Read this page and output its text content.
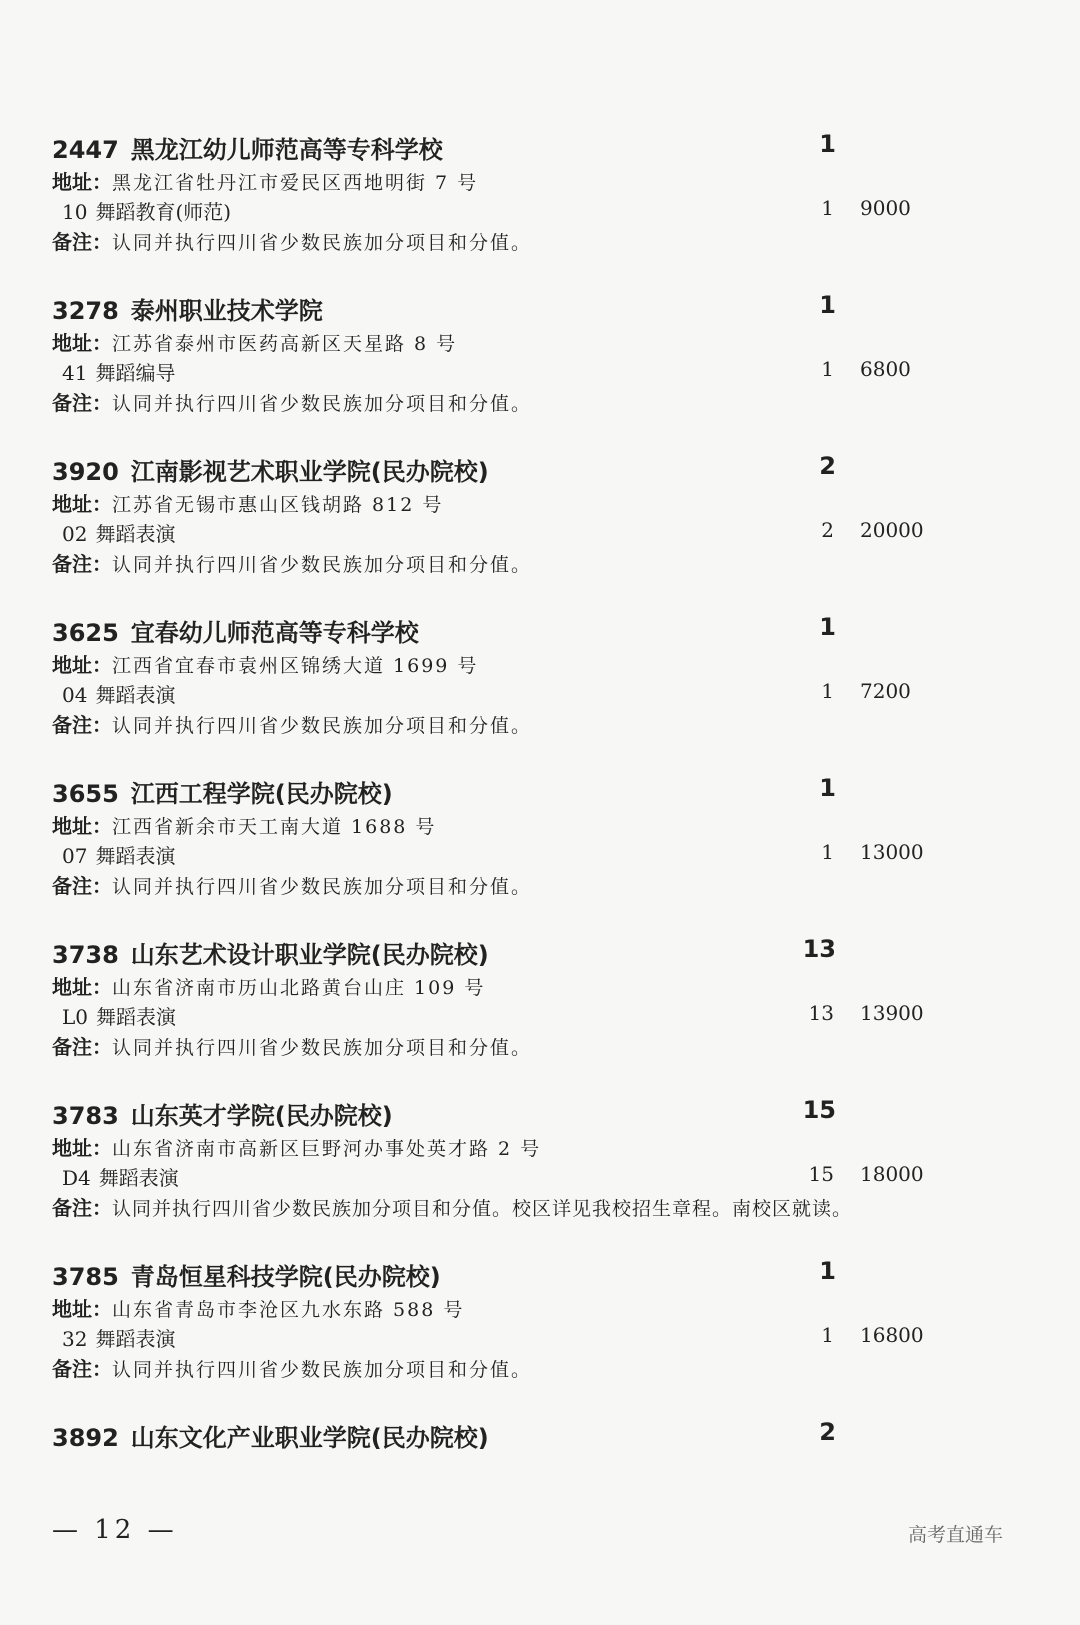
2447 黑龙江幼儿师范高等专科学校	1
地址：黑龙江省牡丹江市爱民区西地明街 7 号
10 舞蹈教育(师范)	1 9000
备注：认同并执行四川省少数民族加分项目和分值。
3278 泰州职业技术学院	1
地址：江苏省泰州市医药高新区天星路 8 号
41 舞蹈编导	1 6800
备注：认同并执行四川省少数民族加分项目和分值。
3920 江南影视艺术职业学院(民办院校)	2
地址：江苏省无锡市惠山区钱胡路 812 号
02 舞蹈表演	2 20000
备注：认同并执行四川省少数民族加分项目和分值。
3625 宜春幼儿师范高等专科学校	1
地址：江西省宜春市袁州区锦绣大道 1699 号
04 舞蹈表演	1 7200
备注：认同并执行四川省少数民族加分项目和分值。
3655 江西工程学院(民办院校)	1
地址：江西省新余市天工南大道 1688 号
07 舞蹈表演	1 13000
备注：认同并执行四川省少数民族加分项目和分值。
3738 山东艺术设计职业学院(民办院校)	13
地址：山东省济南市历山北路黄台山庄 109 号
L0 舞蹈表演	13 13900
备注：认同并执行四川省少数民族加分项目和分值。
3783 山东英才学院(民办院校)	15
地址：山东省济南市高新区巨野河办事处英才路 2 号
D4 舞蹈表演	15 18000
备注：认同并执行四川省少数民族加分项目和分值。校区详见我校招生章程。南校区就读。
3785 青岛恒星科技学院(民办院校)	1
地址：山东省青岛市李沧区九水东路 588 号
32 舞蹈表演	1 16800
备注：认同并执行四川省少数民族加分项目和分值。
3892 山东文化产业职业学院(民办院校)	2
— 12 —	高考直通车
